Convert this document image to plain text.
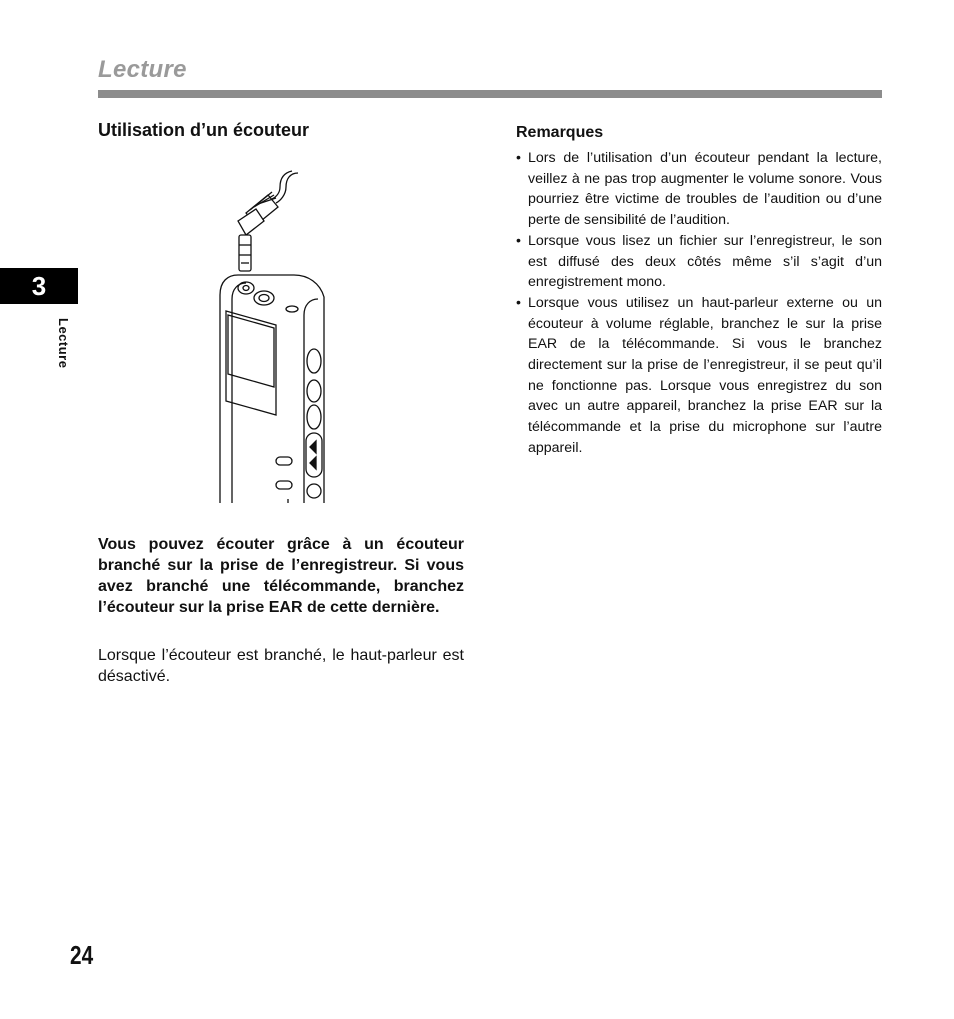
Lecture
3
Lecture
Utilisation d’un écouteur

Vous pouvez écouter grâce à un écouteur branché sur la prise de l’enregistreur. Si vous avez branché une télécommande, branchez l’écouteur sur la prise EAR de cette dernière.

Lorsque l’écouteur est branché, le haut-parleur est désactivé.

Remarques
• Lors de l’utilisation d’un écouteur pendant la lecture, veillez à ne pas trop augmenter le volume sonore. Vous pourriez être victime de troubles de l’audition ou d’une perte de sensibilité de l’audition.
• Lorsque vous lisez un fichier sur l’enregistreur, le son est diffusé des deux côtés même s’il s’agit d’un enregistrement mono.
• Lorsque vous utilisez un haut-parleur externe ou un écouteur à volume réglable, branchez le sur la prise EAR de la télécommande. Si vous le branchez directement sur la prise de l’enregistreur, il se peut qu’il ne fonctionne pas. Lorsque vous enregistrez du son avec un autre appareil, branchez la prise EAR sur la télécommande et la prise du microphone sur l’autre appareil.
24
